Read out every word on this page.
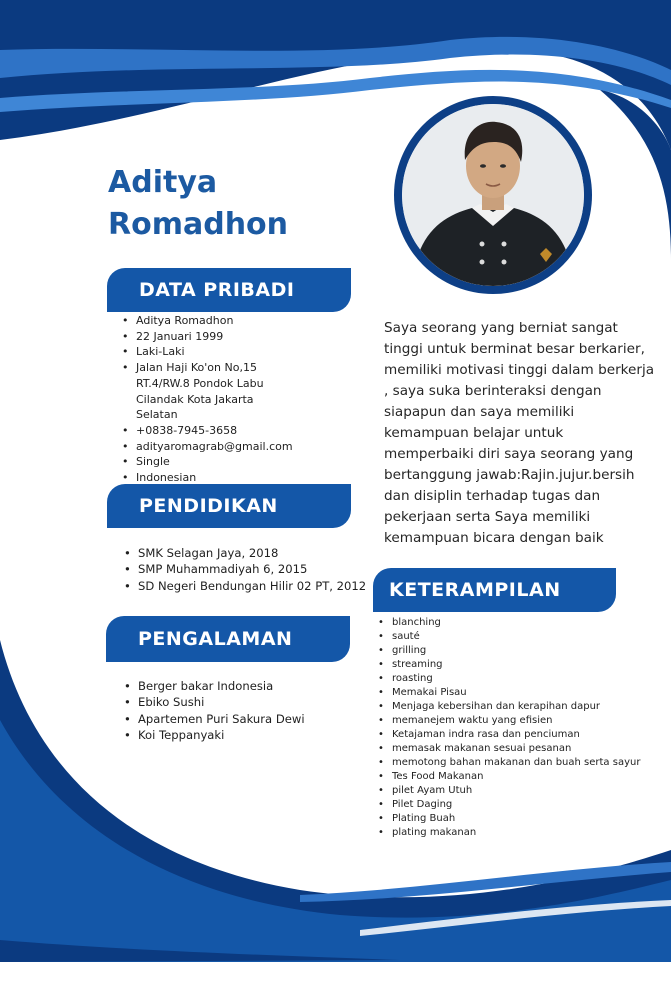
Aditya
Romadhon
DATA PRIBADI
• Aditya Romadhon
• 22 Januari 1999
• Laki-Laki
• Jalan Haji Ko'on No,15 RT.4/RW.8 Pondok Labu Cilandak Kota Jakarta Selatan
• +0838-7945-3658
• adityaromagrab@gmail.com
• Single
• Indonesian
PENDIDIKAN
• SMK Selagan Jaya, 2018
• SMP Muhammadiyah 6, 2015
• SD Negeri Bendungan Hilir 02 PT, 2012
PENGALAMAN
• Berger bakar Indonesia
• Ebiko Sushi
• Apartemen Puri Sakura Dewi
• Koi Teppanyaki
Saya seorang yang berniat sangat tinggi untuk berminat besar berkarier, memiliki motivasi tinggi dalam berkerja , saya suka berinteraksi dengan siapapun dan saya memiliki kemampuan belajar untuk memperbaiki diri saya seorang yang bertanggung jawab:Rajin.jujur.bersih dan disiplin terhadap tugas dan pekerjaan serta Saya memiliki kemampuan bicara dengan baik
KETERAMPILAN
• blanching
• sauté
• grilling
• streaming
• roasting
• Memakai Pisau
• Menjaga kebersihan dan kerapihan dapur
• memanejem waktu yang efisien
• Ketajaman indra rasa dan penciuman
• memasak makanan sesuai pesanan
• memotong bahan makanan dan buah serta sayur
• Tes Food Makanan
• pilet Ayam Utuh
• Pilet Daging
• Plating Buah
• plating makanan
